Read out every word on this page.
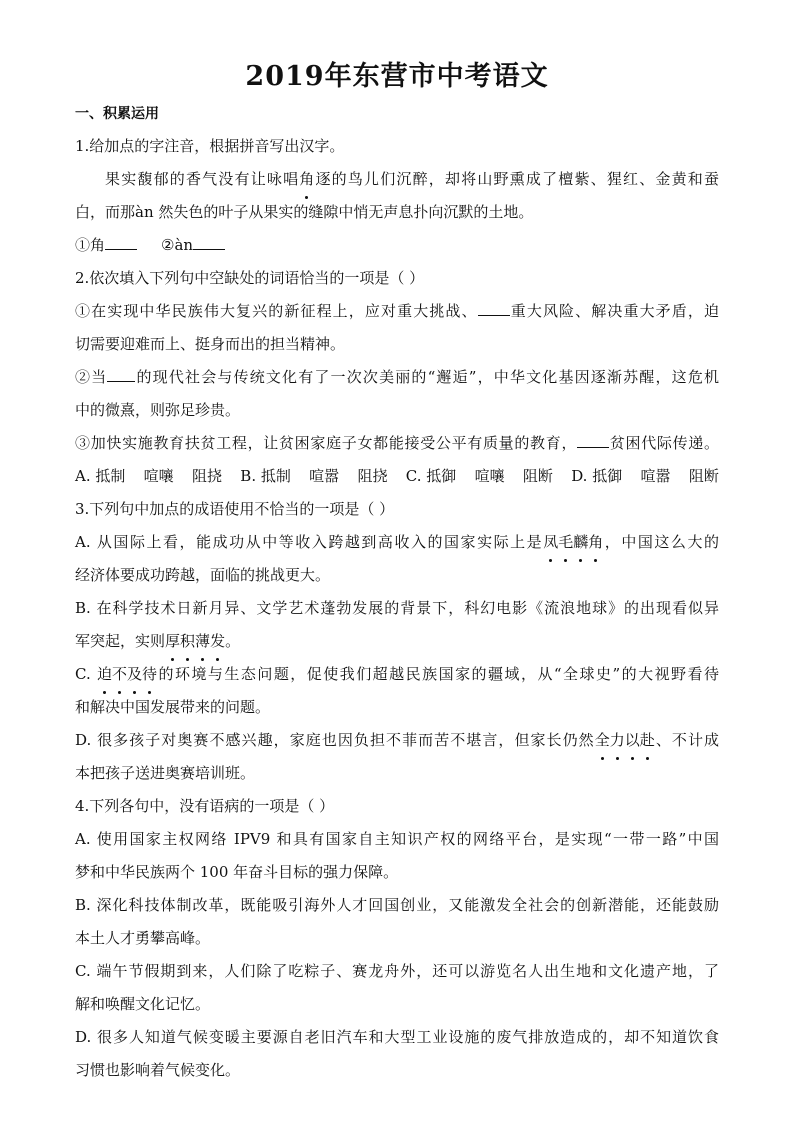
2019年东营市中考语文
一、积累运用
1.给加点的字注音，根据拼音写出汉字。
果实馥郁的香气没有让咏唱角逐的鸟儿们沉醉，却将山野熏成了檀紫、猩红、金黄和蚕
白，而那àn 然失色的叶子从果实的缝隙中悄无声息扑向沉默的土地。
①角	②àn
2.依次填入下列句中空缺处的词语恰当的一项是（ ）
①在实现中华民族伟大复兴的新征程上，应对重大挑战、 重大风险、解决重大矛盾，迫
切需要迎难而上、挺身而出的担当精神。
②当 的现代社会与传统文化有了一次次美丽的“邂逅”，中华文化基因逐渐苏醒，这危机
中的微熹，则弥足珍贵。
③加快实施教育扶贫工程，让贫困家庭子女都能接受公平有质量的教育， 贫困代际传递。
A. 抵制 喧嚷 阻挠 B. 抵制 喧嚣 阻挠 C. 抵御 喧嚷 阻断 D. 抵御 喧嚣 阻断
3.下列句中加点的成语使用不恰当的一项是（ ）
A. 从国际上看，能成功从中等收入跨越到高收入的国家实际上是凤毛麟角，中国这么大的
经济体要成功跨越，面临的挑战更大。
B. 在科学技术日新月异、文学艺术蓬勃发展的背景下，科幻电影《流浪地球》的出现看似异
军突起，实则厚积薄发。
C. 迫不及待的环境与生态问题，促使我们超越民族国家的疆域，从“全球史”的大视野看待
和解决中国发展带来的问题。
D. 很多孩子对奥赛不感兴趣，家庭也因负担不菲而苦不堪言，但家长仍然全力以赴、不计成
本把孩子送进奥赛培训班。
4.下列各句中，没有语病的一项是（ ）
A. 使用国家主权网络 IPV9 和具有国家自主知识产权的网络平台，是实现“一带一路”中国
梦和中华民族两个 100 年奋斗目标的强力保障。
B. 深化科技体制改革，既能吸引海外人才回国创业，又能激发全社会的创新潜能，还能鼓励
本土人才勇攀高峰。
C. 端午节假期到来，人们除了吃粽子、赛龙舟外，还可以游览名人出生地和文化遗产地，了
解和唤醒文化记忆。
D. 很多人知道气候变暖主要源自老旧汽车和大型工业设施的废气排放造成的，却不知道饮食
习惯也影响着气候变化。
